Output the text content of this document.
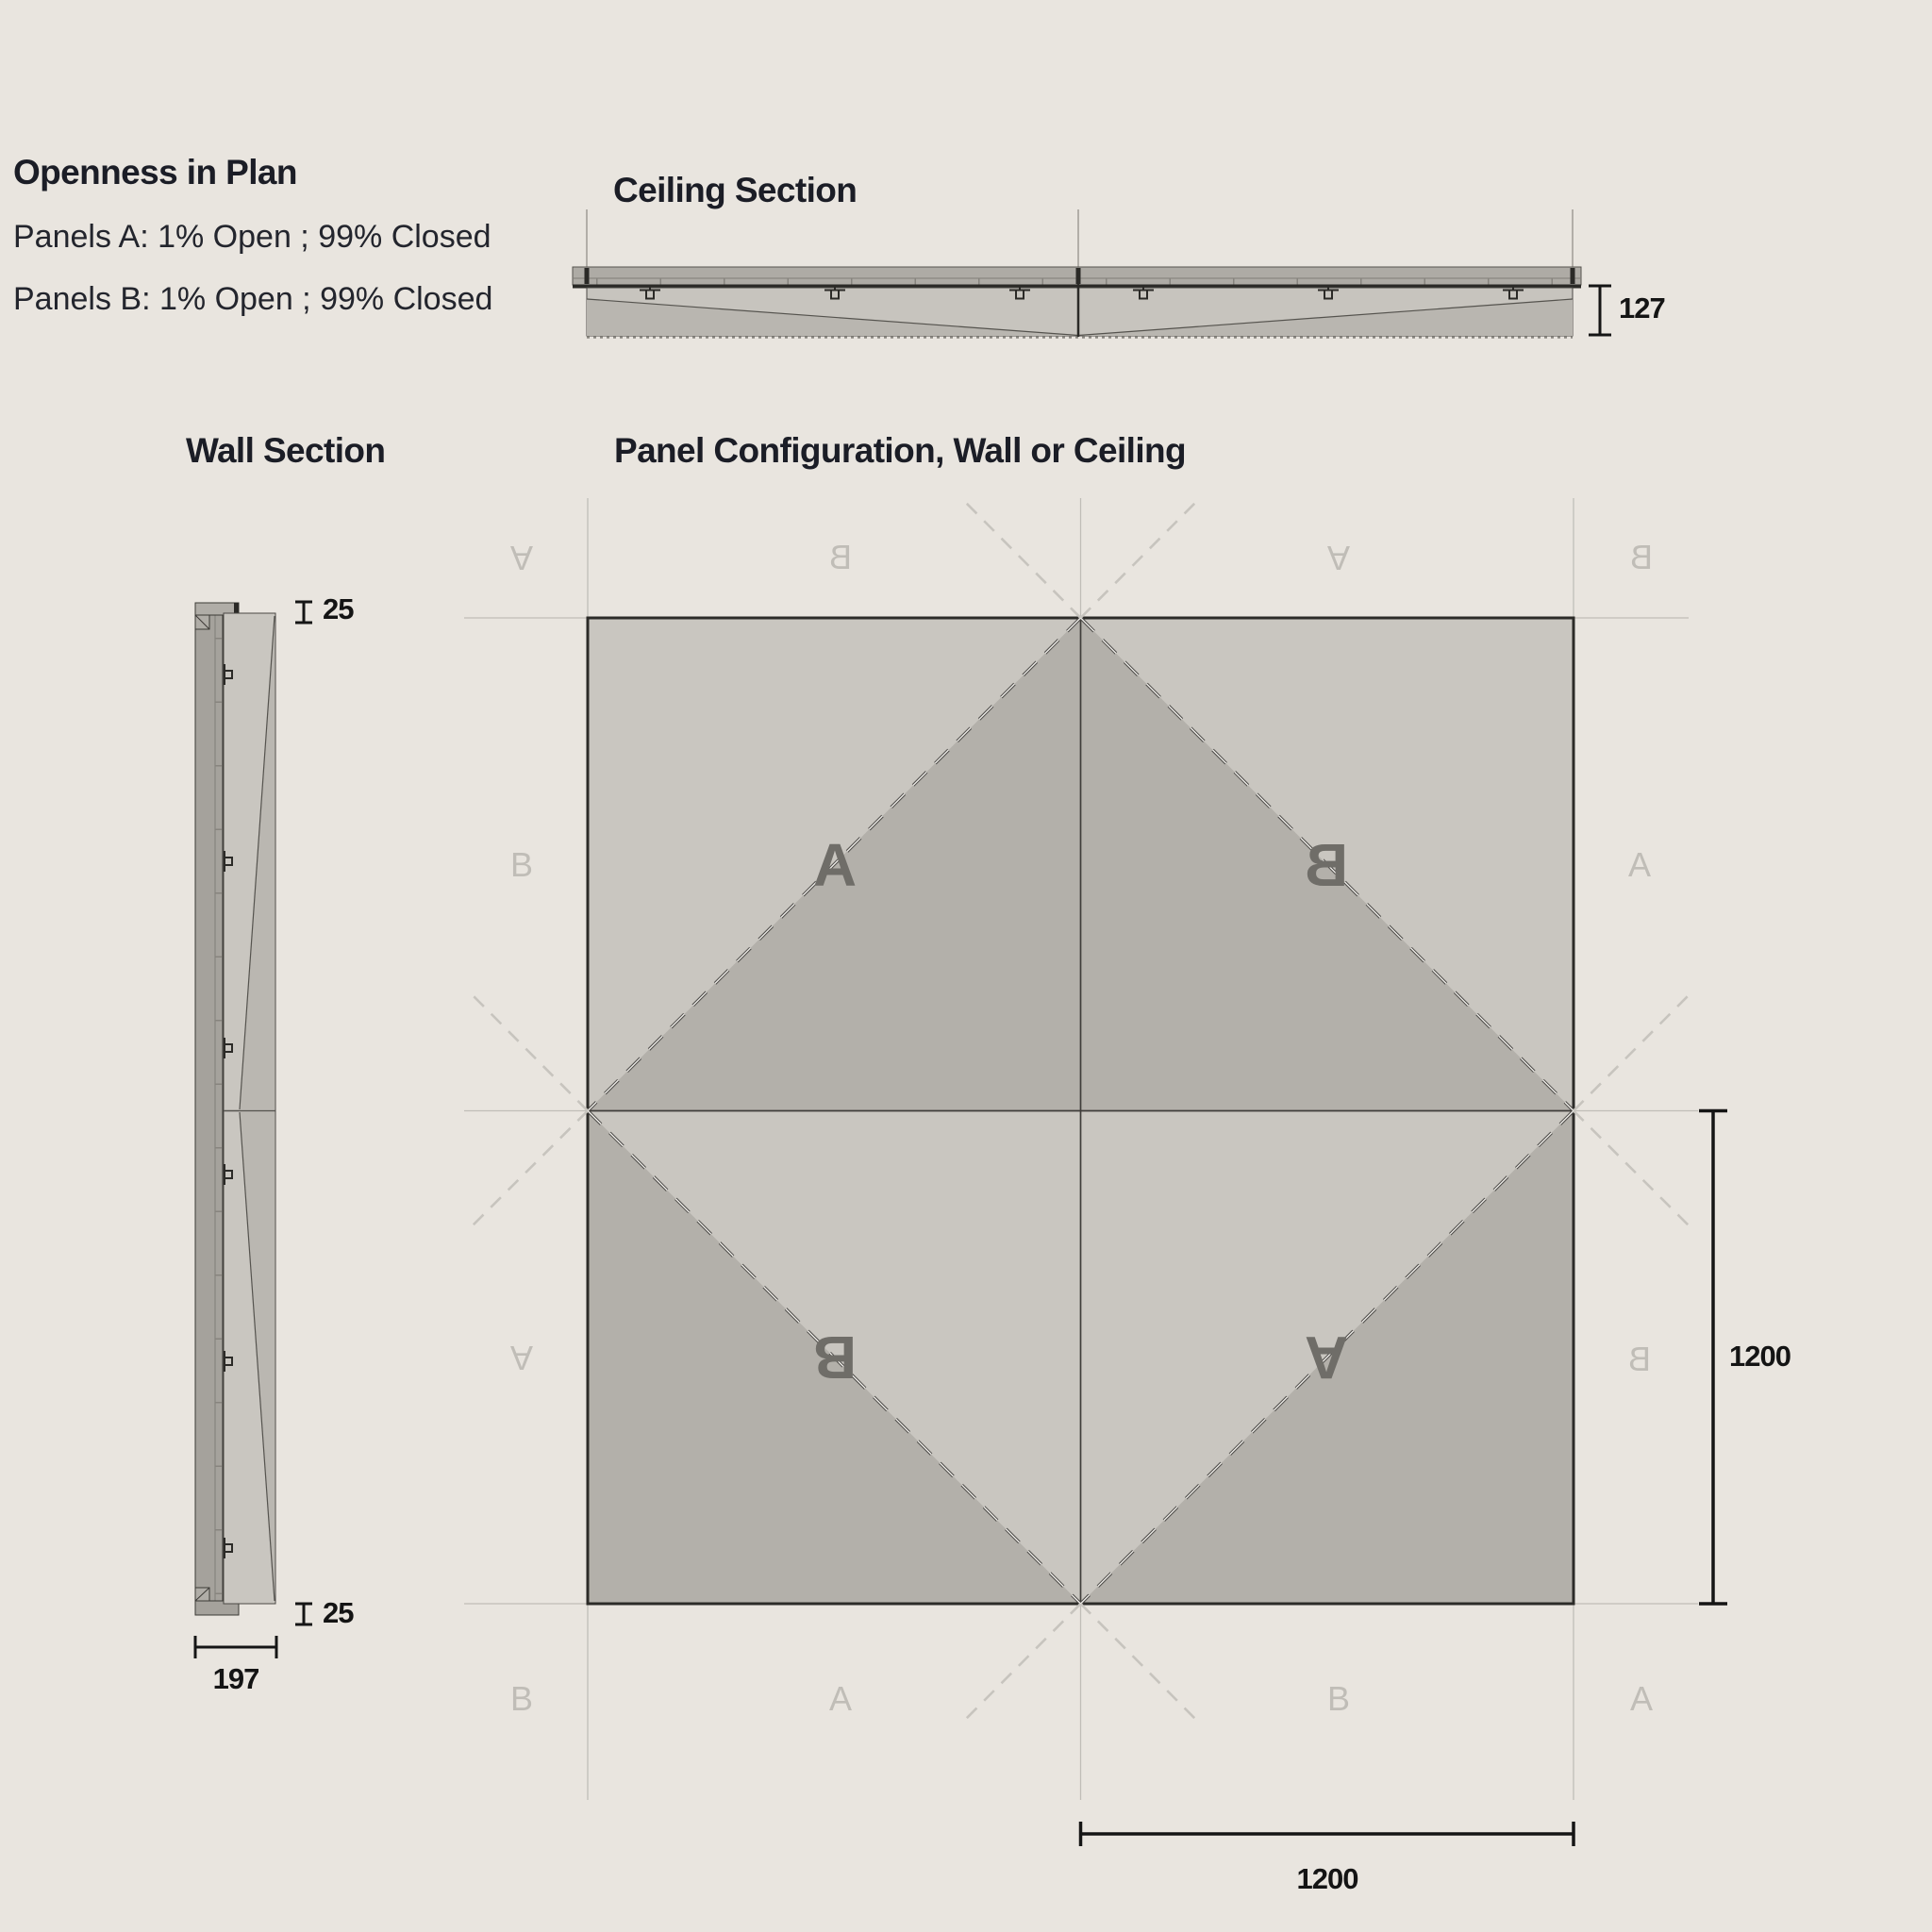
Openness in Plan
Panels A: 1% Open ; 99% Closed
Panels B: 1% Open ; 99% Closed
Ceiling Section
Wall Section	Panel Configuration, Wall or Ceiling
127
25
25
197
1200
1200
A	B
B	A
A	B	A	B
B
A
A
B
B	A	B	A
